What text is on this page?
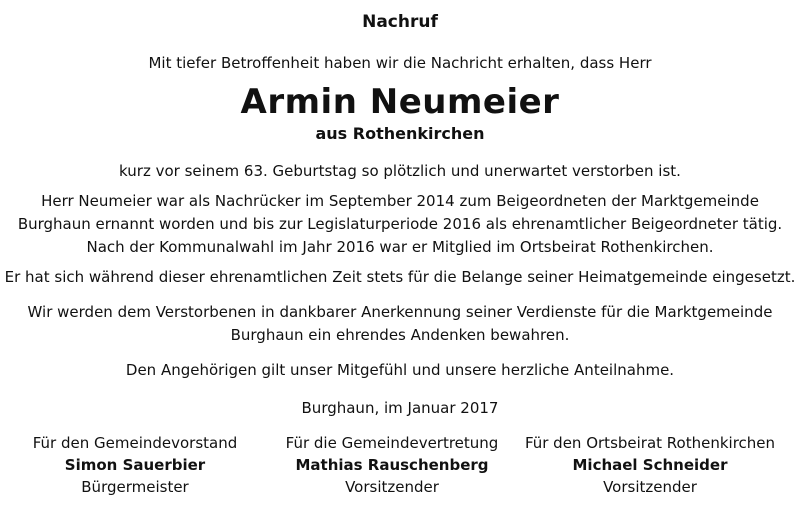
Nachruf
Mit tiefer Betroffenheit haben wir die Nachricht erhalten, dass Herr
Armin Neumeier
aus Rothenkirchen
kurz vor seinem 63. Geburtstag so plötzlich und unerwartet verstorben ist.
Herr Neumeier war als Nachrücker im September 2014 zum Beigeordneten der Marktgemeinde
Burghaun ernannt worden und bis zur Legislaturperiode 2016 als ehrenamtlicher Beigeordneter tätig.
Nach der Kommunalwahl im Jahr 2016 war er Mitglied im Ortsbeirat Rothenkirchen.
Er hat sich während dieser ehrenamtlichen Zeit stets für die Belange seiner Heimatgemeinde eingesetzt.
Wir werden dem Verstorbenen in dankbarer Anerkennung seiner Verdienste für die Marktgemeinde
Burghaun ein ehrendes Andenken bewahren.
Den Angehörigen gilt unser Mitgefühl und unsere herzliche Anteilnahme.
Burghaun, im Januar 2017
Für den Gemeindevorstand
Simon Sauerbier
Bürgermeister
Für die Gemeindevertretung
Mathias Rauschenberg
Vorsitzender
Für den Ortsbeirat Rothenkirchen
Michael Schneider
Vorsitzender
